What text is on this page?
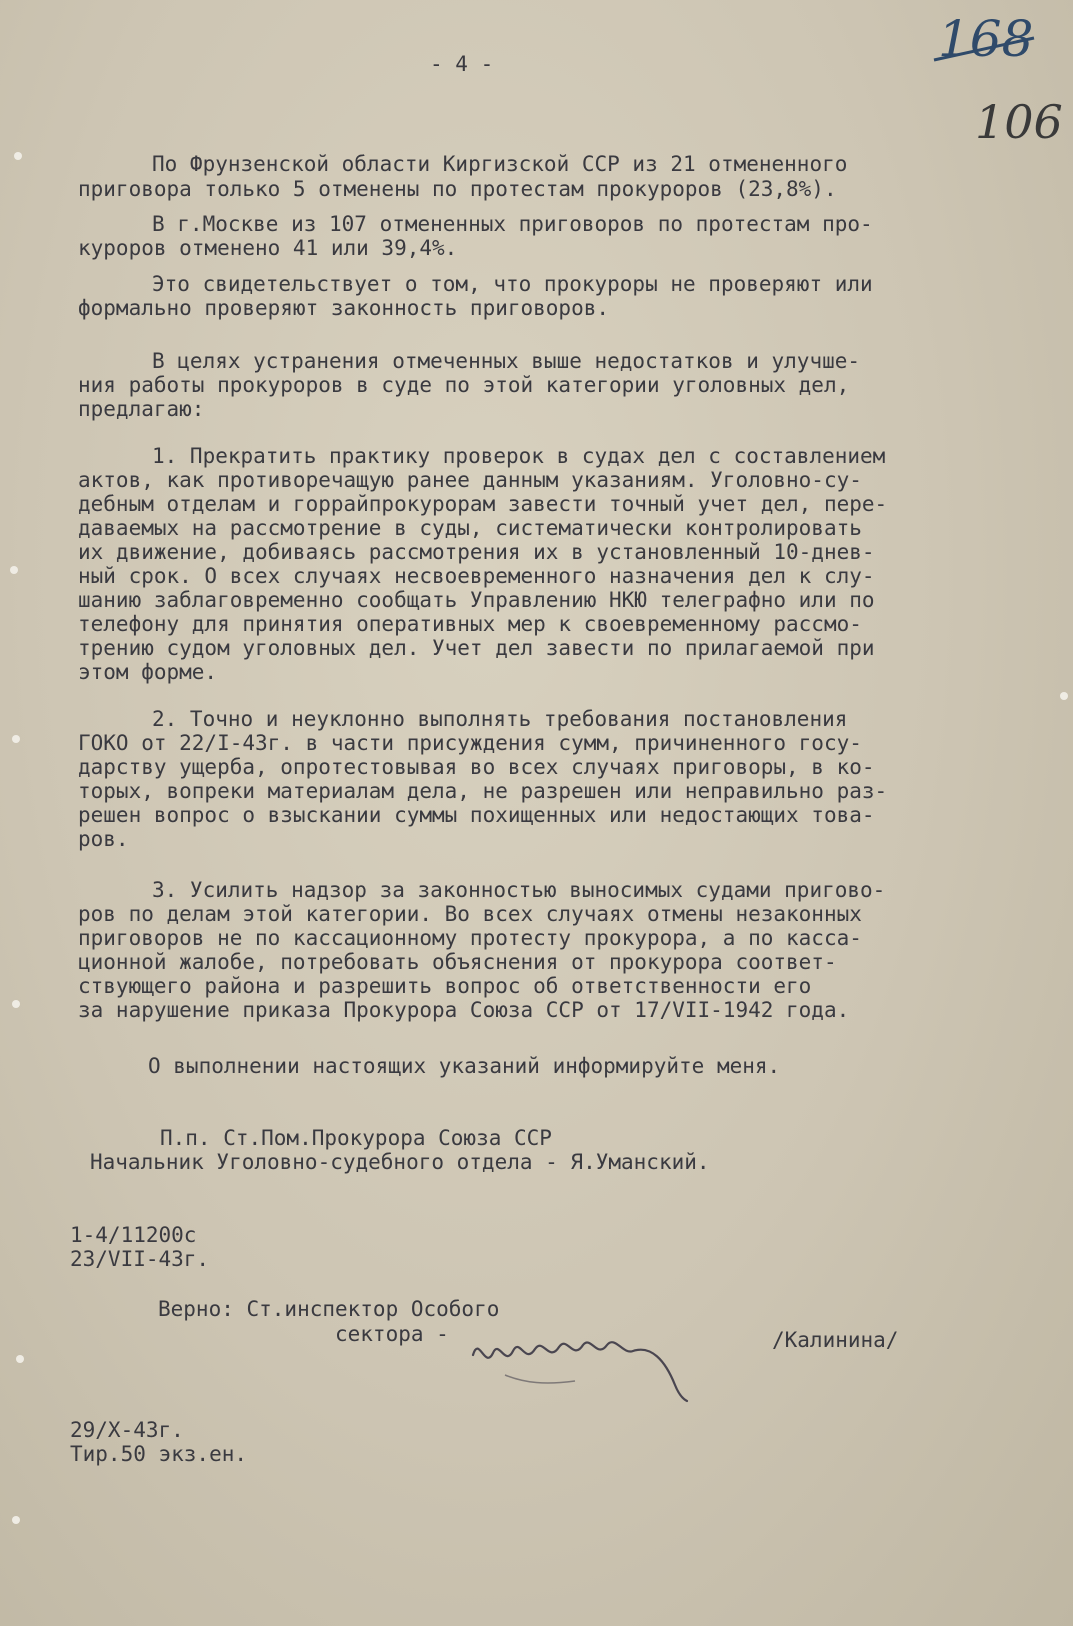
168
106
- 4 -
По Фрунзенской области Киргизской ССР из 21 отмененного
приговора только 5 отменены по протестам прокуроров (23,8%).
В г.Москве из 107 отмененных приговоров по протестам про-
куроров отменено 41 или 39,4%.
Это свидетельствует о том, что прокуроры не проверяют или
формально проверяют законность приговоров.
В целях устранения отмеченных выше недостатков и улучше-
ния работы прокуроров в суде по этой категории уголовных дел,
предлагаю:
1. Прекратить практику проверок в судах дел с составлением
актов, как противоречащую ранее данным указаниям. Уголовно-су-
дебным отделам и горрайпрокурорам завести точный учет дел, пере-
даваемых на рассмотрение в суды, систематически контролировать
их движение, добиваясь рассмотрения их в установленный 10-днев-
ный срок. О всех случаях несвоевременного назначения дел к слу-
шанию заблаговременно сообщать Управлению НКЮ телеграфно или по
телефону для принятия оперативных мер к своевременному рассмо-
трению судом уголовных дел. Учет дел завести по прилагаемой при
этом форме.
2. Точно и неуклонно выполнять требования постановления
ГОКО от 22/I-43г. в части присуждения сумм, причиненного госу-
дарству ущерба, опротестовывая во всех случаях приговоры, в ко-
торых, вопреки материалам дела, не разрешен или неправильно раз-
решен вопрос о взыскании суммы похищенных или недостающих това-
ров.
3. Усилить надзор за законностью выносимых судами пригово-
ров по делам этой категории. Во всех случаях отмены незаконных
приговоров не по кассационному протесту прокурора, а по касса-
ционной жалобе, потребовать объяснения от прокурора соответ-
ствующего района и разрешить вопрос об ответственности его
за нарушение приказа Прокурора Союза ССР от 17/VII-1942 года.
О выполнении настоящих указаний информируйте меня.
П.п. Ст.Пом.Прокурора Союза ССР
Начальник Уголовно-судебного отдела - Я.Уманский.
1-4/11200с
23/VII-43г.
Верно: Ст.инспектор Особого
сектора -	/Калинина/
29/X-43г.
Тир.50 экз.ен.
